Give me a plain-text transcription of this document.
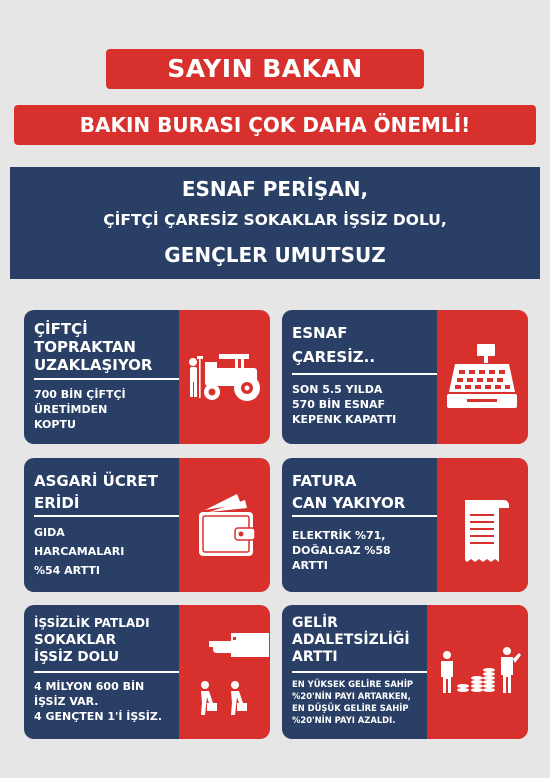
SAYIN BAKAN
BAKIN BURASI ÇOK DAHA ÖNEMLİ!
ESNAF PERİŞAN,
ÇİFTÇİ ÇARESİZ SOKAKLAR İŞSİZ DOLU,
GENÇLER UMUTSUZ
ÇİFTÇİ
TOPRAKTAN
UZAKLAŞIYOR
700 BİN ÇİFTÇİ
ÜRETİMDEN
KOPTU
ESNAF
ÇARESİZ..
SON 5.5 YILDA
570 BİN ESNAF
KEPENK KAPATTI
ASGARİ ÜCRET
ERİDİ
GIDA
HARCAMALARI
%54 ARTTI
FATURA
CAN YAKIYOR
ELEKTRİK %71,
DOĞALGAZ %58
ARTTI
İŞSİZLİK PATLADI
SOKAKLAR
İŞSİZ DOLU
4 MİLYON 600 BİN
İŞSİZ VAR.
4 GENÇTEN 1'İ İŞSİZ.
GELİR
ADALETSİZLİĞİ
ARTTI
EN YÜKSEK GELİRE SAHİP
%20'NİN PAYI ARTARKEN,
EN DÜŞÜK GELİRE SAHİP
%20'NİN PAYI AZALDI.
